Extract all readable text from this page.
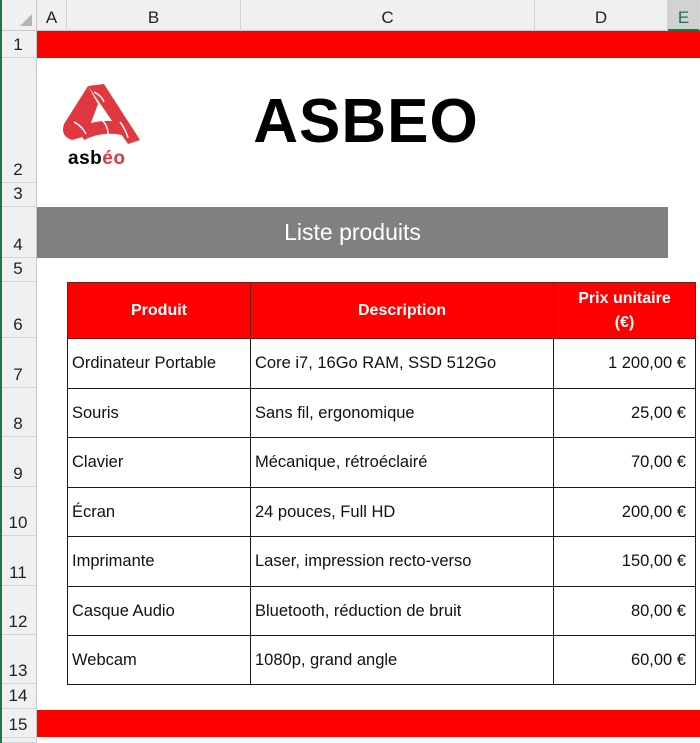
A	B	C	D	E
1
2
3
4
5
6
7
8
9
10
11
12
13
14
15
asbéo
ASBEO
Liste produits
Produit	Description	Prix unitaire
(€)

Ordinateur Portable	Core i7, 16Go RAM, SSD 512Go	1 200,00 €
Souris	Sans fil, ergonomique	25,00 €
Clavier	Mécanique, rétroéclairé	70,00 €
Écran	24 pouces, Full HD	200,00 €
Imprimante	Laser, impression recto-verso	150,00 €
Casque Audio	Bluetooth, réduction de bruit	80,00 €
Webcam	1080p, grand angle	60,00 €
